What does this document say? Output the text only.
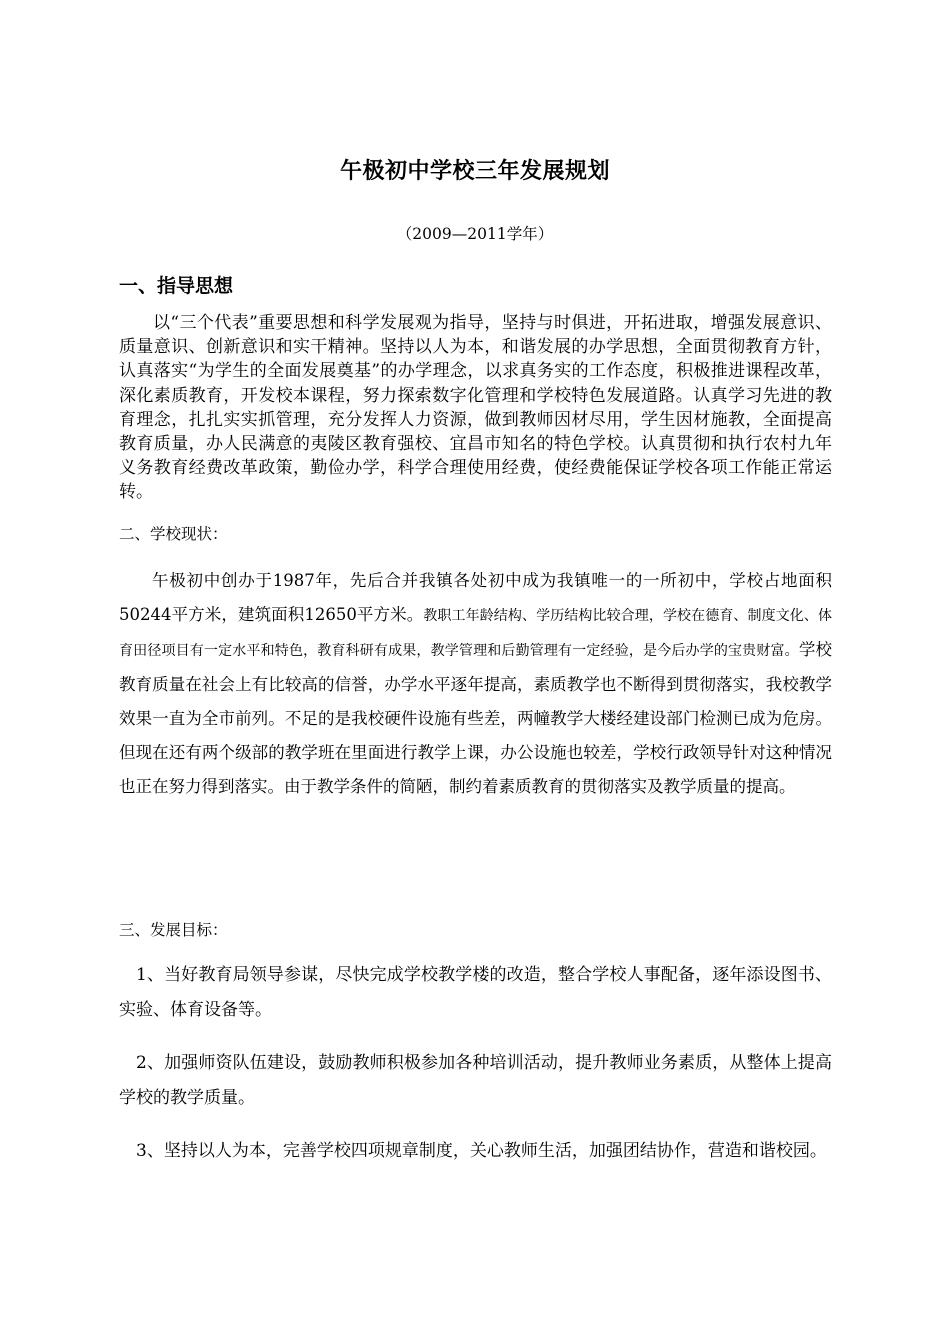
午极初中学校三年发展规划
（2009—2011学年）
一、指导思想

以“三个代表”重要思想和科学发展观为指导，坚持与时俱进，开拓进取，增强发展意识、质量意识、创新意识和实干精神。坚持以人为本，和谐发展的办学思想，全面贯彻教育方针，认真落实“为学生的全面发展奠基”的办学理念，以求真务实的工作态度，积极推进课程改革，深化素质教育，开发校本课程，努力探索数字化管理和学校特色发展道路。认真学习先进的教育理念，扎扎实实抓管理，充分发挥人力资源，做到教师因材尽用，学生因材施教，全面提高教育质量，办人民满意的夷陵区教育强校、宜昌市知名的特色学校。认真贯彻和执行农村九年义务教育经费改革政策，勤俭办学，科学合理使用经费，使经费能保证学校各项工作能正常运转。

二、学校现状：

午极初中创办于1987年，先后合并我镇各处初中成为我镇唯一的一所初中，学校占地面积50244平方米，建筑面积12650平方米。教职工年龄结构、学历结构比较合理，学校在德育、制度文化、体育田径项目有一定水平和特色，教育科研有成果，教学管理和后勤管理有一定经验，是今后办学的宝贵财富。学校教育质量在社会上有比较高的信誉，办学水平逐年提高，素质教学也不断得到贯彻落实，我校教学效果一直为全市前列。不足的是我校硬件设施有些差，两幢教学大楼经建设部门检测已成为危房。但现在还有两个级部的教学班在里面进行教学上课，办公设施也较差，学校行政领导针对这种情况也正在努力得到落实。由于教学条件的简陋，制约着素质教育的贯彻落实及教学质量的提高。

三、发展目标：

1、当好教育局领导参谋，尽快完成学校教学楼的改造，整合学校人事配备，逐年添设图书、实验、体育设备等。

2、加强师资队伍建设，鼓励教师积极参加各种培训活动，提升教师业务素质，从整体上提高学校的教学质量。

3、坚持以人为本，完善学校四项规章制度，关心教师生活，加强团结协作，营造和谐校园。
